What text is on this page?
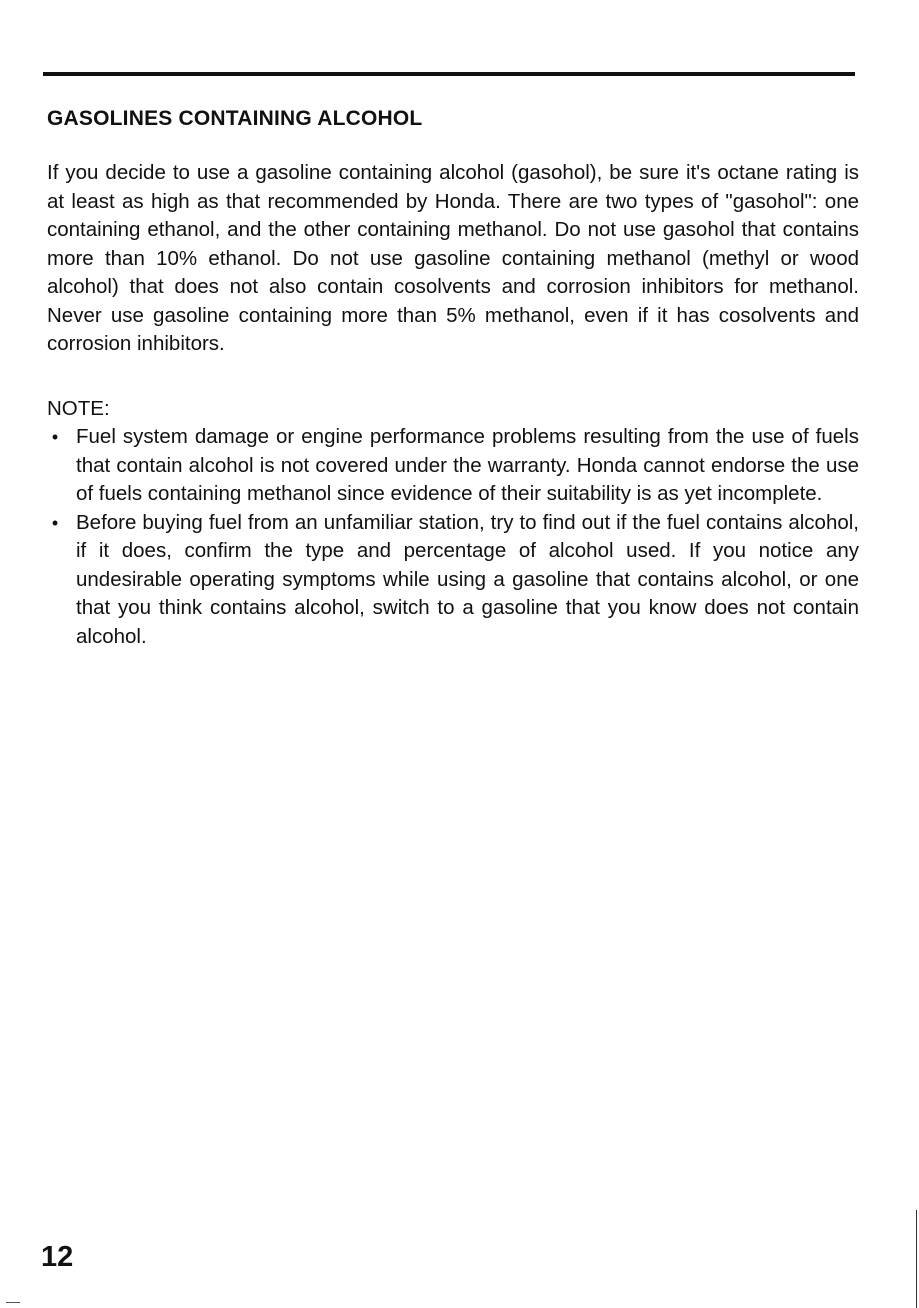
GASOLINES CONTAINING ALCOHOL

If you decide to use a gasoline containing alcohol (gasohol), be sure it's octane rating is at least as high as that recommended by Honda. There are two types of "gasohol": one containing ethanol, and the other containing methanol. Do not use gasohol that contains more than 10% ethanol. Do not use gasoline containing methanol (methyl or wood alcohol) that does not also contain cosolvents and corrosion inhibitors for methanol. Never use gasoline containing more than 5% methanol, even if it has cosolvents and corrosion inhibitors.

NOTE:

• Fuel system damage or engine performance problems resulting from the use of fuels that contain alcohol is not covered under the warranty. Honda cannot endorse the use of fuels containing methanol since evidence of their suitability is as yet incomplete.
• Before buying fuel from an unfamiliar station, try to find out if the fuel contains alcohol, if it does, confirm the type and percentage of alcohol used. If you notice any undesirable operating symptoms while using a gasoline that contains alcohol, or one that you think contains alcohol, switch to a gasoline that you know does not contain alcohol.

12
